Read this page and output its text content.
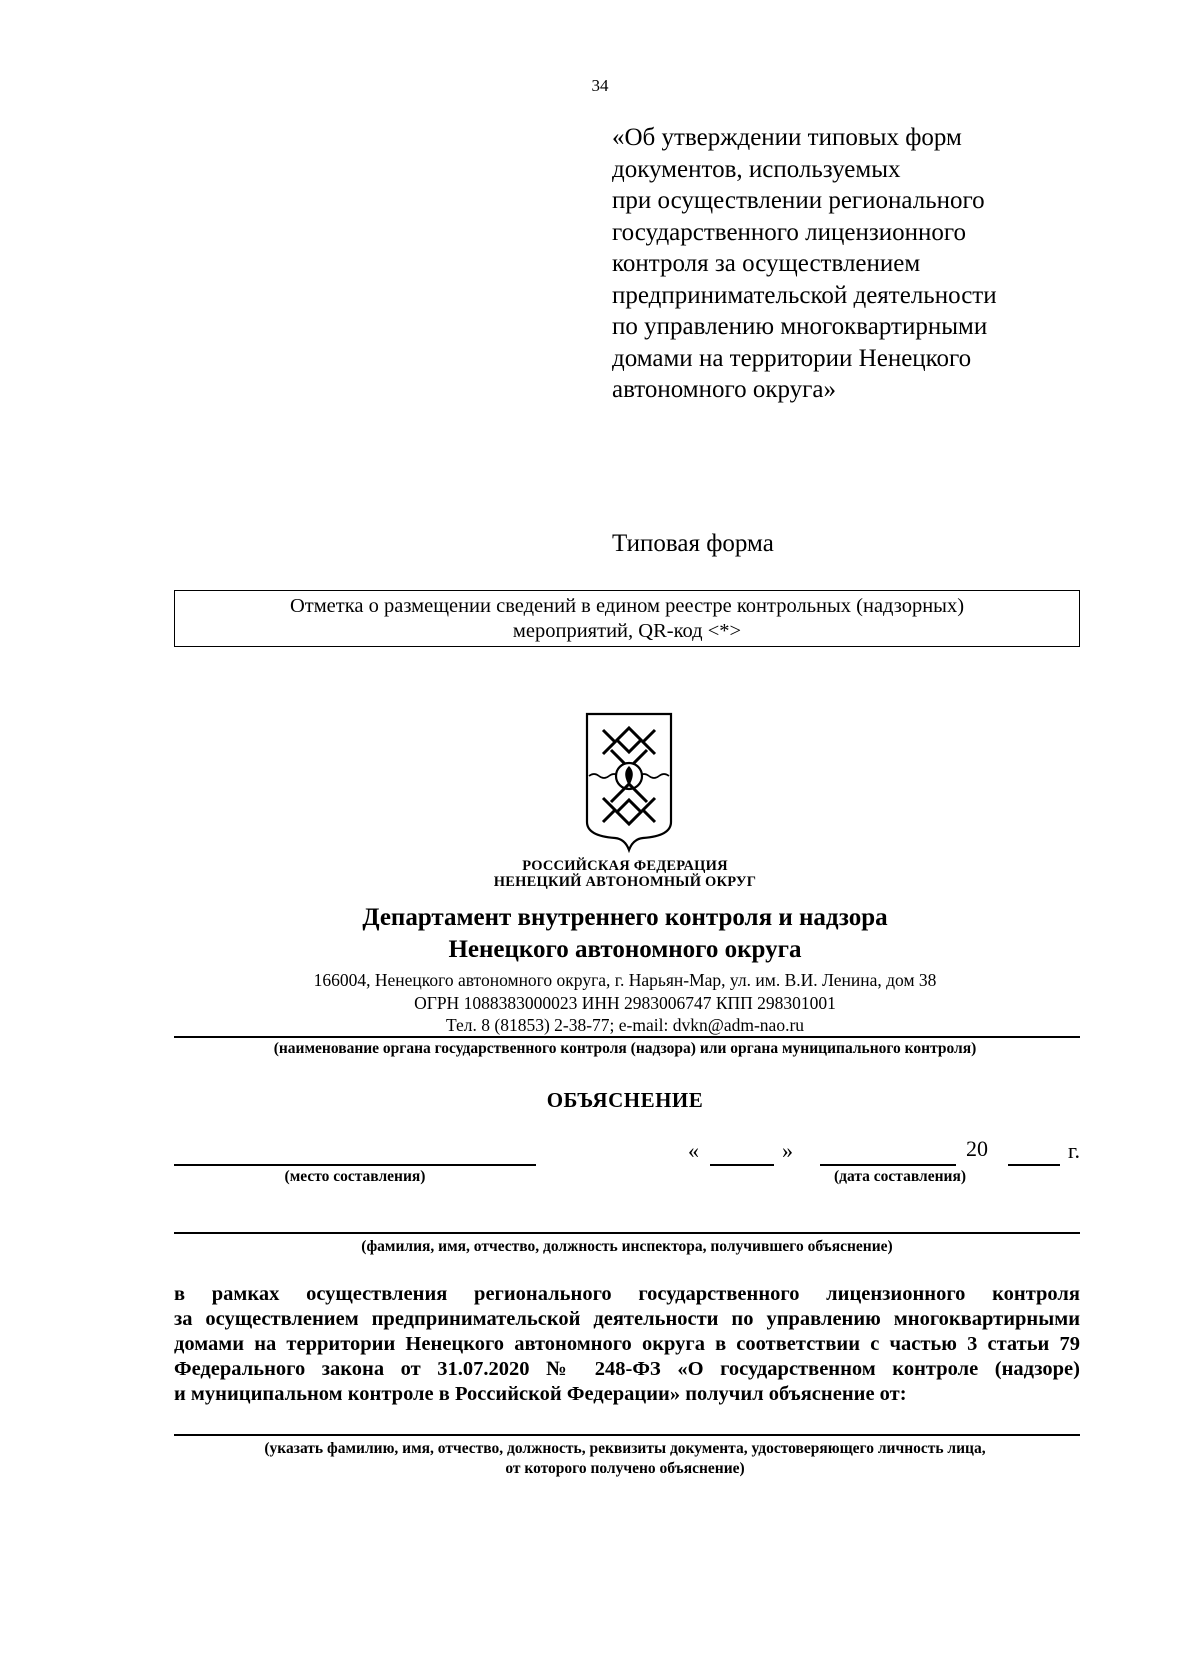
34
«Об утверждении типовых форм
документов, используемых
при осуществлении регионального
государственного лицензионного
контроля за осуществлением
предпринимательской деятельности
по управлению многоквартирными
домами на территории Ненецкого
автономного округа»
Типовая форма
Отметка о размещении сведений в едином реестре контрольных (надзорных)
мероприятий, QR-код <*>
РОССИЙСКАЯ ФЕДЕРАЦИЯ
НЕНЕЦКИЙ АВТОНОМНЫЙ ОКРУГ
Департамент внутреннего контроля и надзора
Ненецкого автономного округа
166004, Ненецкого автономного округа, г. Нарьян-Мар, ул. им. В.И. Ленина, дом 38
ОГРН 1088383000023 ИНН 2983006747 КПП 298301001
Тел. 8 (81853) 2-38-77; e-mail: dvkn@adm-nao.ru
(наименование органа государственного контроля (надзора) или органа муниципального контроля)
ОБЪЯСНЕНИЕ
(место составления)
«	»	20	г.
(дата составления)
(фамилия, имя, отчество, должность инспектора, получившего объяснение)
в рамках осуществления регионального государственного лицензионного контроля
за осуществлением предпринимательской деятельности по управлению многоквартирными
домами на территории Ненецкого автономного округа в соответствии с частью 3 статьи 79
Федерального закона от 31.07.2020 № 248-ФЗ «О государственном контроле (надзоре)
и муниципальном контроле в Российской Федерации» получил объяснение от:
(указать фамилию, имя, отчество, должность, реквизиты документа, удостоверяющего личность лица,
от которого получено объяснение)
